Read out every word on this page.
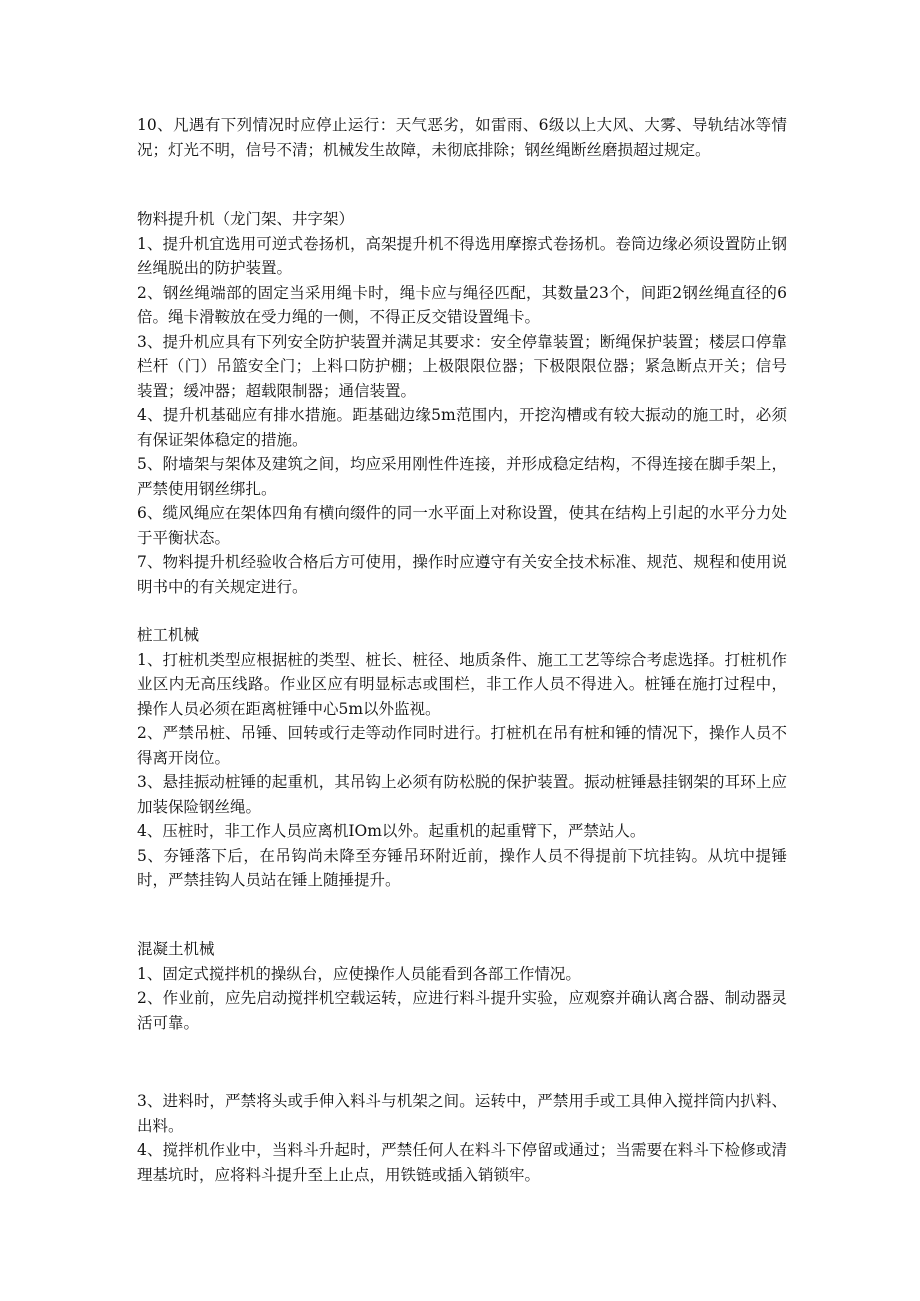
10、凡遇有下列情况时应停止运行：天气恶劣，如雷雨、6级以上大风、大雾、导轨结冰等情况；灯光不明，信号不清；机械发生故障，未彻底排除；钢丝绳断丝磨损超过规定。

物料提升机（龙门架、井字架）

1、提升机宜选用可逆式卷扬机，高架提升机不得选用摩擦式卷扬机。卷筒边缘必须设置防止钢丝绳脱出的防护装置。

2、钢丝绳端部的固定当采用绳卡时，绳卡应与绳径匹配，其数量23个，间距2钢丝绳直径的6倍。绳卡滑鞍放在受力绳的一侧，不得正反交错设置绳卡。

3、提升机应具有下列安全防护装置并满足其要求：安全停靠装置；断绳保护装置；楼层口停靠栏杆（门）吊篮安全门；上料口防护棚；上极限限位器；下极限限位器；紧急断点开关；信号装置；缓冲器；超载限制器；通信装置。

4、提升机基础应有排水措施。距基础边缘5m范围内，开挖沟槽或有较大振动的施工时，必须有保证架体稳定的措施。

5、附墙架与架体及建筑之间，均应采用刚性件连接，并形成稳定结构，不得连接在脚手架上，严禁使用钢丝绑扎。

6、缆风绳应在架体四角有横向缀件的同一水平面上对称设置，使其在结构上引起的水平分力处于平衡状态。

7、物料提升机经验收合格后方可使用，操作时应遵守有关安全技术标准、规范、规程和使用说明书中的有关规定进行。

桩工机械

1、打桩机类型应根据桩的类型、桩长、桩径、地质条件、施工工艺等综合考虑选择。打桩机作业区内无高压线路。作业区应有明显标志或围栏，非工作人员不得进入。桩锤在施打过程中，操作人员必须在距离桩锤中心5m以外监视。

2、严禁吊桩、吊锤、回转或行走等动作同时进行。打桩机在吊有桩和锤的情况下，操作人员不得离开岗位。

3、悬挂振动桩锤的起重机，其吊钩上必须有防松脱的保护装置。振动桩锤悬挂钢架的耳环上应加装保险钢丝绳。

4、压桩时，非工作人员应离机IOm以外。起重机的起重臂下，严禁站人。

5、夯锤落下后，在吊钩尚未降至夯锤吊环附近前，操作人员不得提前下坑挂钩。从坑中提锤时，严禁挂钩人员站在锤上随捶提升。

混凝土机械

1、固定式搅拌机的操纵台，应使操作人员能看到各部工作情况。

2、作业前，应先启动搅拌机空载运转，应进行料斗提升实验，应观察并确认离合器、制动器灵活可靠。

3、进料时，严禁将头或手伸入料斗与机架之间。运转中，严禁用手或工具伸入搅拌筒内扒料、出料。

4、搅拌机作业中，当料斗升起时，严禁任何人在料斗下停留或通过；当需要在料斗下检修或清理基坑时，应将料斗提升至上止点，用铁链或插入销锁牢。
